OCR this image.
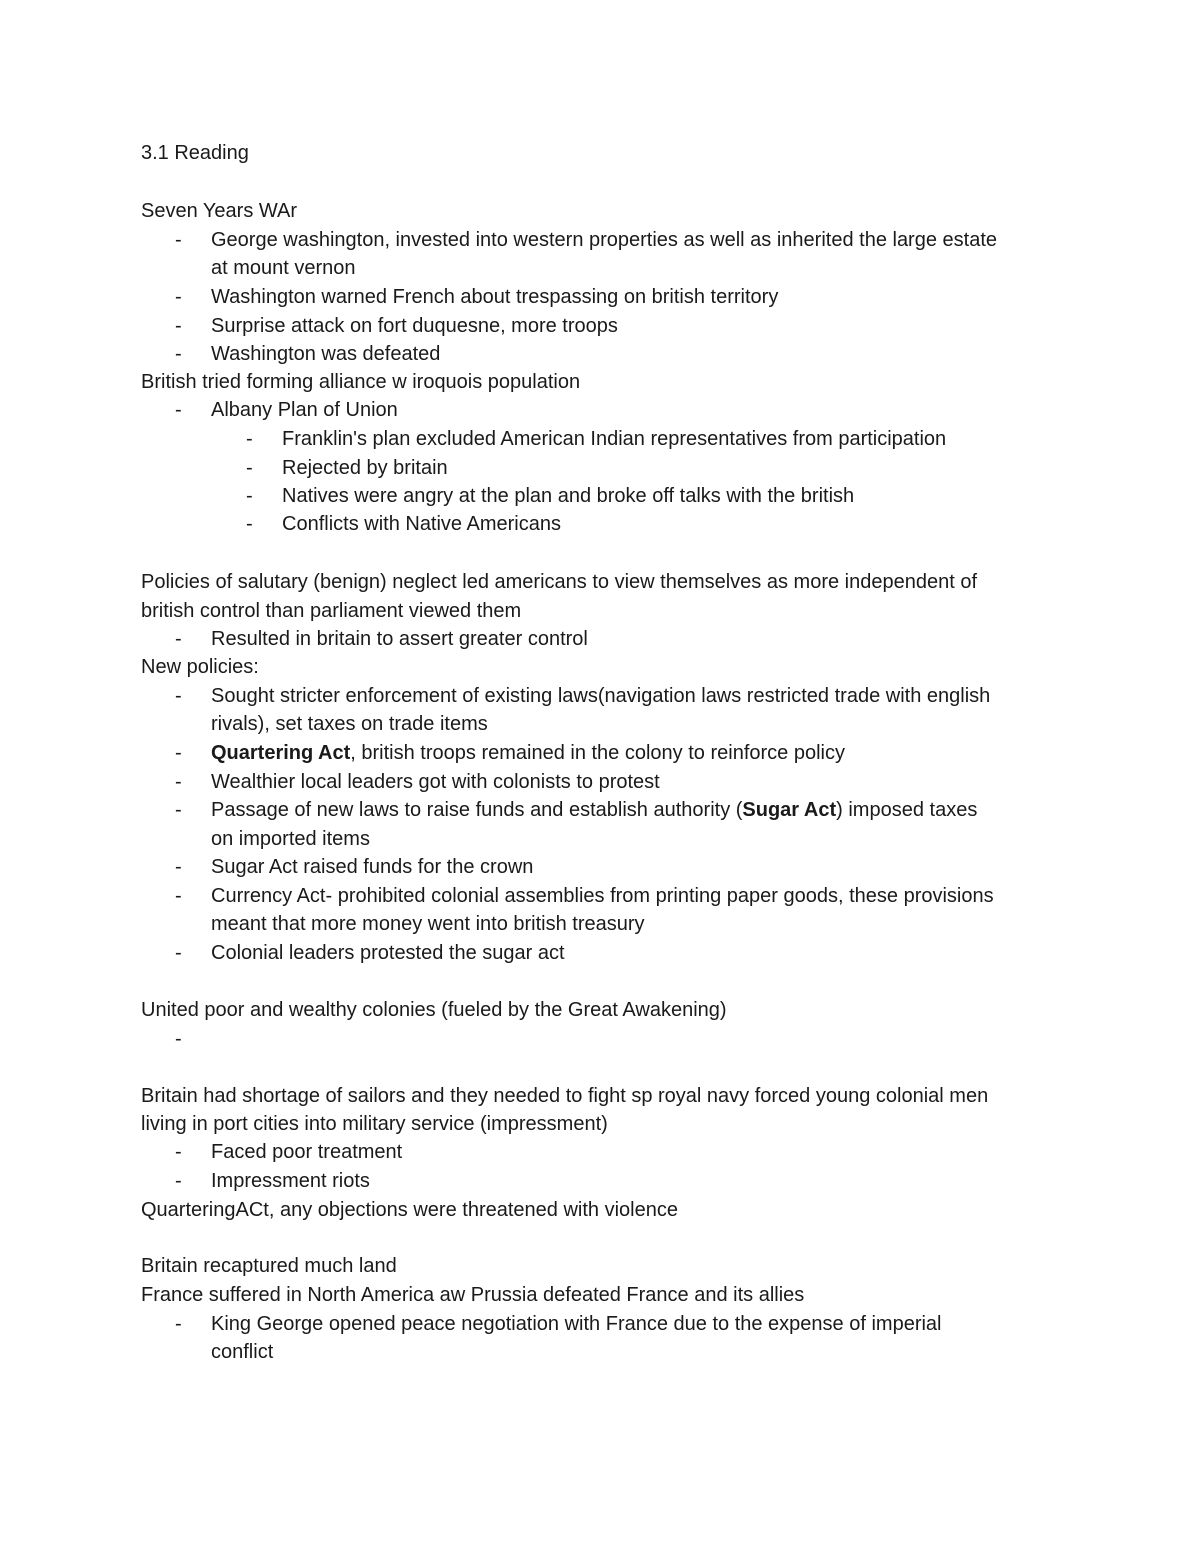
3.1 Reading
Seven Years WAr
- George washington, invested into western properties as well as inherited the large estate
at mount vernon
- Washington warned French about trespassing on british territory
- Surprise attack on fort duquesne, more troops
- Washington was defeated
British tried forming alliance w iroquois population
- Albany Plan of Union
- Franklin's plan excluded American Indian representatives from participation
- Rejected by britain
- Natives were angry at the plan and broke off talks with the british
- Conflicts with Native Americans
Policies of salutary (benign) neglect led americans to view themselves as more independent of
british control than parliament viewed them
- Resulted in britain to assert greater control
New policies:
- Sought stricter enforcement of existing laws(navigation laws restricted trade with english
rivals), set taxes on trade items
- Quartering Act, british troops remained in the colony to reinforce policy
- Wealthier local leaders got with colonists to protest
- Passage of new laws to raise funds and establish authority (Sugar Act) imposed taxes
on imported items
- Sugar Act raised funds for the crown
- Currency Act- prohibited colonial assemblies from printing paper goods, these provisions
meant that more money went into british treasury
- Colonial leaders protested the sugar act
United poor and wealthy colonies (fueled by the Great Awakening)
-
Britain had shortage of sailors and they needed to fight sp royal navy forced young colonial men
living in port cities into military service (impressment)
- Faced poor treatment
- Impressment riots
QuarteringACt, any objections were threatened with violence
Britain recaptured much land
France suffered in North America aw Prussia defeated France and its allies
- King George opened peace negotiation with France due to the expense of imperial
conflict
